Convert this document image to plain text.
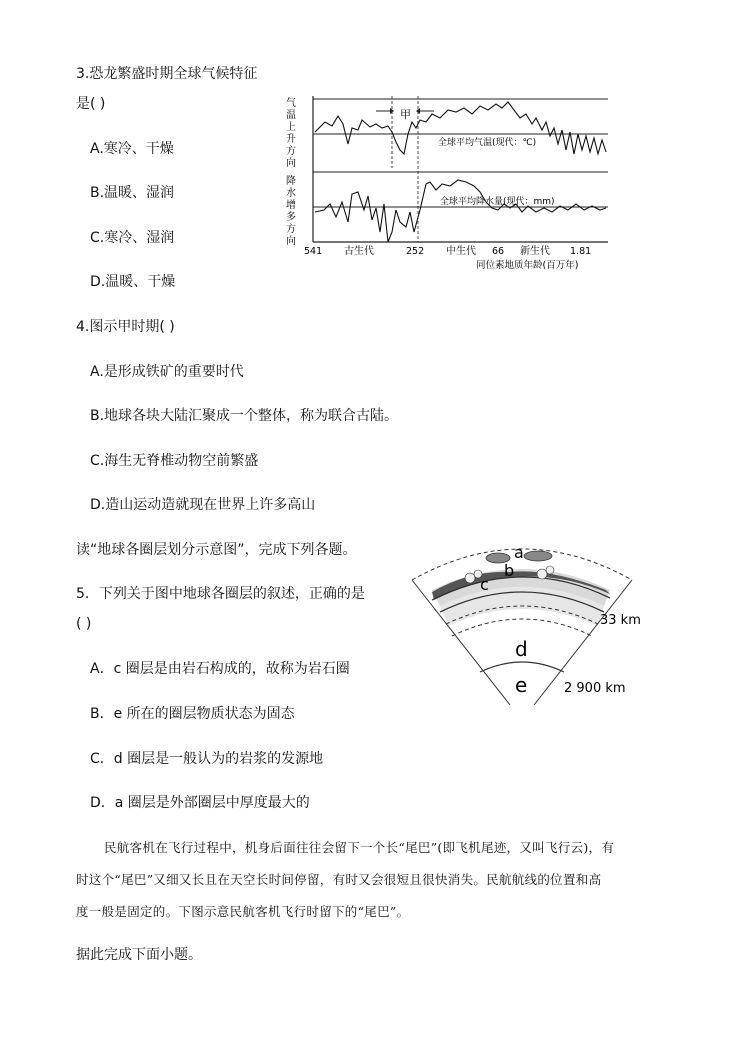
3.恐龙繁盛时期全球气候特征
是( )
A.寒冷、干燥
B.温暖、湿润
C.寒冷、湿润
D.温暖、干燥
气温上升方向
甲
全球平均气温(现代：℃)
降水增多方向
全球平均降水量(现代：mm)
541 古生代	252 中生代 66 新生代 1.81
同位素地质年龄(百万年)
4.图示甲时期( )
A.是形成铁矿的重要时代
B.地球各块大陆汇聚成一个整体，称为联合古陆。
C.海生无脊椎动物空前繁盛
D.造山运动造就现在世界上许多高山
读“地球各圈层划分示意图”，完成下列各题。
5．下列关于图中地球各圈层的叙述，正确的是
( )
A．c 圈层是由岩石构成的，故称为岩石圈
B．e 所在的圈层物质状态为固态
C．d 圈层是一般认为的岩浆的发源地
D．a 圈层是外部圈层中厚度最大的
a
b
c
d
e
33 km
2 900 km
民航客机在飞行过程中，机身后面往往会留下一个长“尾巴”(即飞机尾迹，又叫飞行云)，有
时这个“尾巴”又细又长且在天空长时间停留，有时又会很短且很快消失。民航航线的位置和高
度一般是固定的。下图示意民航客机飞行时留下的“尾巴”。
据此完成下面小题。
